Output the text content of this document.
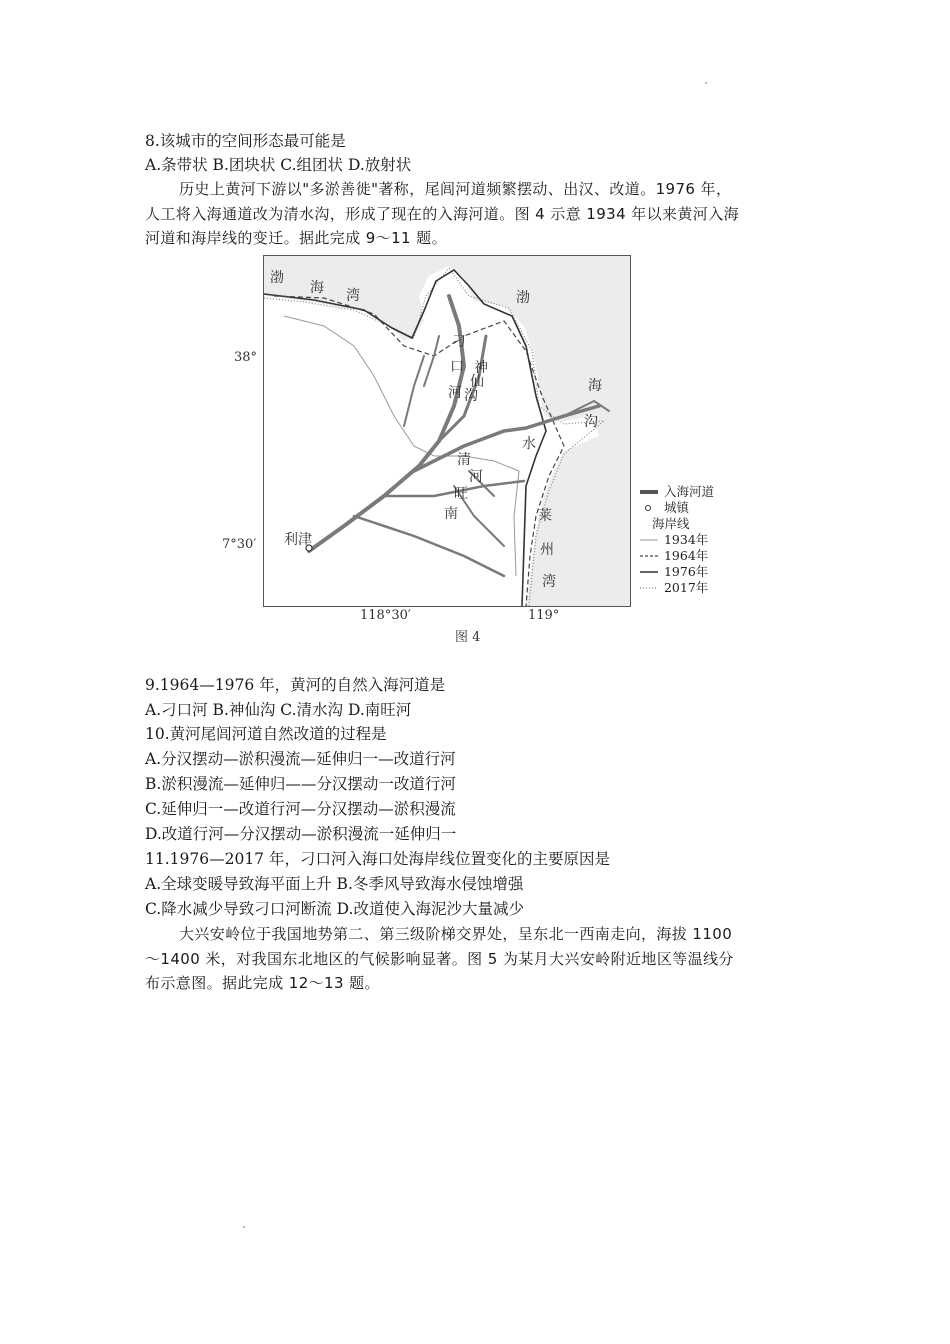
8.该城市的空间形态最可能是
A.条带状 B.团块状 C.组团状 D.放射状
历史上黄河下游以"多淤善徙"著称，尾闾河道频繁摆动、出汉、改道。1976 年，
人工将入海通道改为清水沟，形成了现在的入海河道。图 4 示意 1934 年以来黄河入海
河道和海岸线的变迁。据此完成 9～11 题。
渤
海 湾	渤
海
刁
口
河
神
仙
沟
清
水
沟
南
旺
河
莱
州
湾
利津
38°
7°30′
118°30′	119°
入海河道
城镇
海岸线
1934年
1964年
1976年
2017年
图 4
9.1964—1976 年，黄河的自然入海河道是
A.刁口河 B.神仙沟 C.清水沟 D.南旺河
10.黄河尾闾河道自然改道的过程是
A.分汉摆动—淤积漫流—延伸归一—改道行河
B.淤积漫流—延伸归——分汉摆动一改道行河
C.延伸归一—改道行河—分汉摆动—淤积漫流
D.改道行河—分汉摆动—淤积漫流一延伸归一
11.1976—2017 年，刁口河入海口处海岸线位置变化的主要原因是
A.全球变暖导致海平面上升 B.冬季风导致海水侵蚀增强
C.降水减少导致刁口河断流 D.改道使入海泥沙大量减少
大兴安岭位于我国地势第二、第三级阶梯交界处，呈东北一西南走向，海拔 1100
～1400 米，对我国东北地区的气候影响显著。图 5 为某月大兴安岭附近地区等温线分
布示意图。据此完成 12～13 题。
